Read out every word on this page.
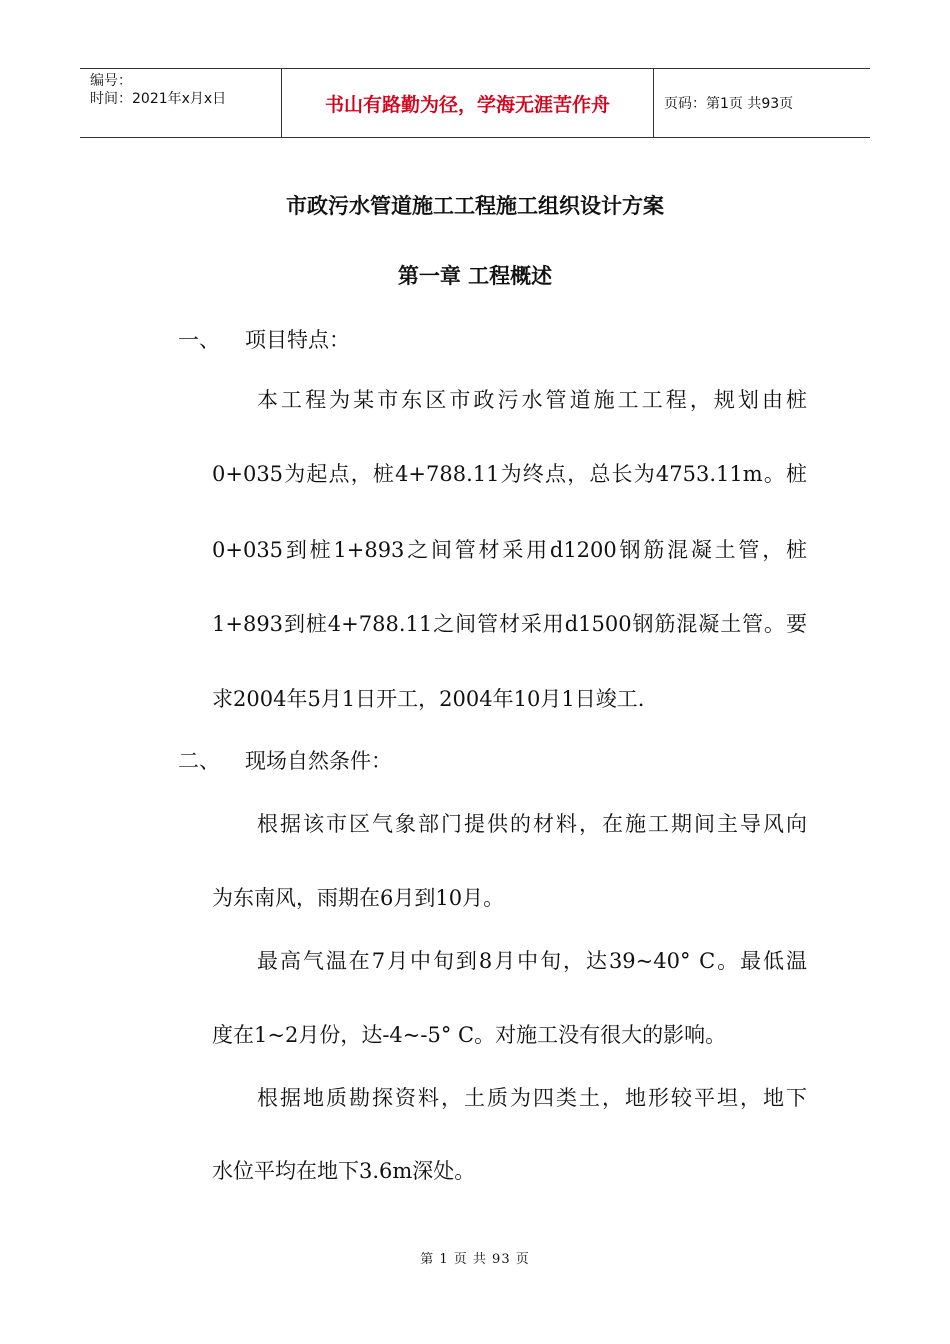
编号：
时间：2021年x月x日	书山有路勤为径，学海无涯苦作舟	页码：第1页 共93页
市政污水管道施工工程施工组织设计方案
第一章 工程概述
一、 项目特点：
本工程为某市东区市政污水管道施工工程，规划由桩
0+035为起点，桩4+788.11为终点，总长为4753.11m。桩
0+035到桩1+893之间管材采用d1200钢筋混凝土管，桩
1+893到桩4+788.11之间管材采用d1500钢筋混凝土管。要
求2004年5月1日开工，2004年10月1日竣工.
二、 现场自然条件：
根据该市区气象部门提供的材料，在施工期间主导风向
为东南风，雨期在6月到10月。
最高气温在7月中旬到8月中旬，达39~40° C。最低温
度在1~2月份，达-4~-5° C。对施工没有很大的影响。
根据地质勘探资料，土质为四类土，地形较平坦，地下
水位平均在地下3.6m深处。
第 1 页 共 93 页
